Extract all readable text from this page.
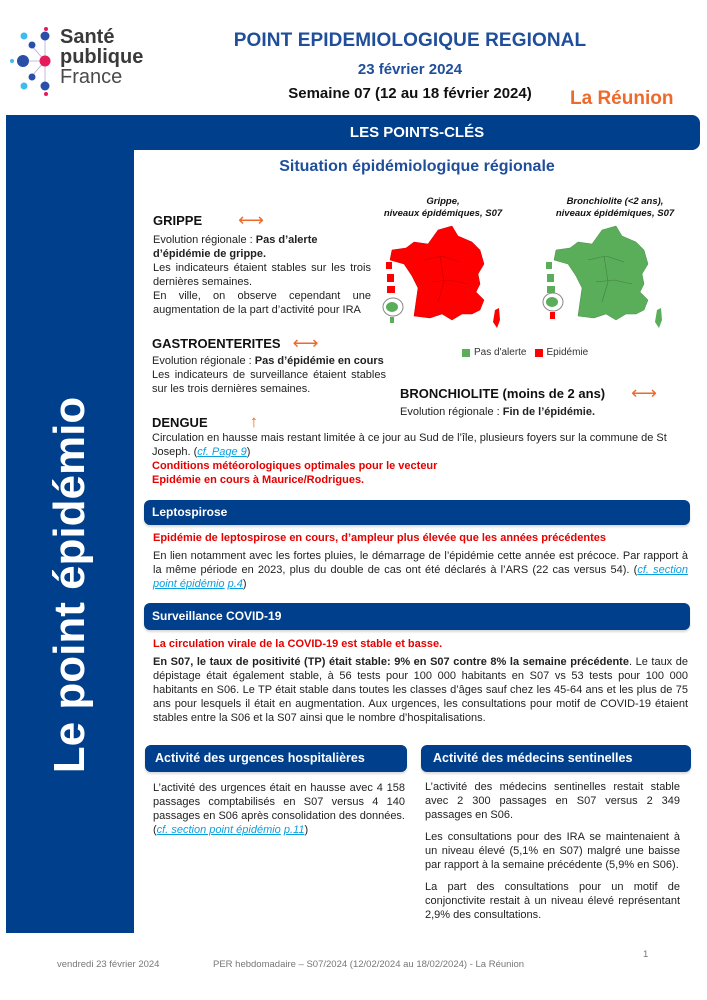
Santé
publique
France
POINT EPIDEMIOLOGIQUE REGIONAL
23 février 2024
Semaine 07 (12 au 18 février 2024)	La Réunion
Le point épidémio
LES POINTS-CLÉS
Situation épidémiologique régionale
GRIPPE ⟷
Evolution régionale : Pas d’alerte d’épidémie de grippe.
Les indicateurs étaient stables sur les trois dernières semaines.
En ville, on observe cependant une augmentation de la part d’activité pour IRA
GASTROENTERITES ⟷
Evolution régionale : Pas d’épidémie en cours
Les indicateurs de surveillance étaient stables sur les trois dernières semaines.
Grippe,
niveaux épidémiques, S07
Bronchiolite (<2 ans),
niveaux épidémiques, S07
Pas d'alerte Epidémie
BRONCHIOLITE (moins de 2 ans) ⟷
Evolution régionale : Fin de l’épidémie.
DENGUE ↑
Circulation en hausse mais restant limitée à ce jour au Sud de l’île, plusieurs foyers sur la commune de St Joseph. (cf. Page 9)
Conditions météorologiques optimales pour le vecteur
Epidémie en cours à Maurice/Rodrigues.
Leptospirose
Epidémie de leptospirose en cours, d’ampleur plus élevée que les années précédentes
En lien notamment avec les fortes pluies, le démarrage de l’épidémie cette année est précoce. Par rapport à la même période en 2023, plus du double de cas ont été déclarés à l’ARS (22 cas versus 54). (cf. section point épidémio p.4)
Surveillance COVID-19
La circulation virale de la COVID-19 est stable et basse.
En S07, le taux de positivité (TP) était stable: 9% en S07 contre 8% la semaine précédente. Le taux de dépistage était également stable, à 56 tests pour 100 000 habitants en S07 vs 53 tests pour 100 000 habitants en S06. Le TP était stable dans toutes les classes d’âges sauf chez les 45-64 ans et les plus de 75 ans pour lesquels il était en augmentation. Aux urgences, les consultations pour motif de COVID-19 étaient stables entre la S06 et la S07 ainsi que le nombre d’hospitalisations.
Activité des urgences hospitalières
L’activité des urgences était en hausse avec 4 158 passages comptabilisés en S07 versus 4 140 passages en S06 après consolidation des données. (cf. section point épidémio p.11)
Activité des médecins sentinelles
L’activité des médecins sentinelles restait stable avec 2 300 passages en S07 versus 2 349 passages en S06.
Les consultations pour des IRA se maintenaient à un niveau élevé (5,1% en S07) malgré une baisse par rapport à la semaine précédente (5,9% en S06).
La part des consultations pour un motif de conjonctivite restait à un niveau élevé représentant 2,9% des consultations.
vendredi 23 février 2024	PER hebdomadaire – S07/2024 (12/02/2024 au 18/02/2024) - La Réunion
1
